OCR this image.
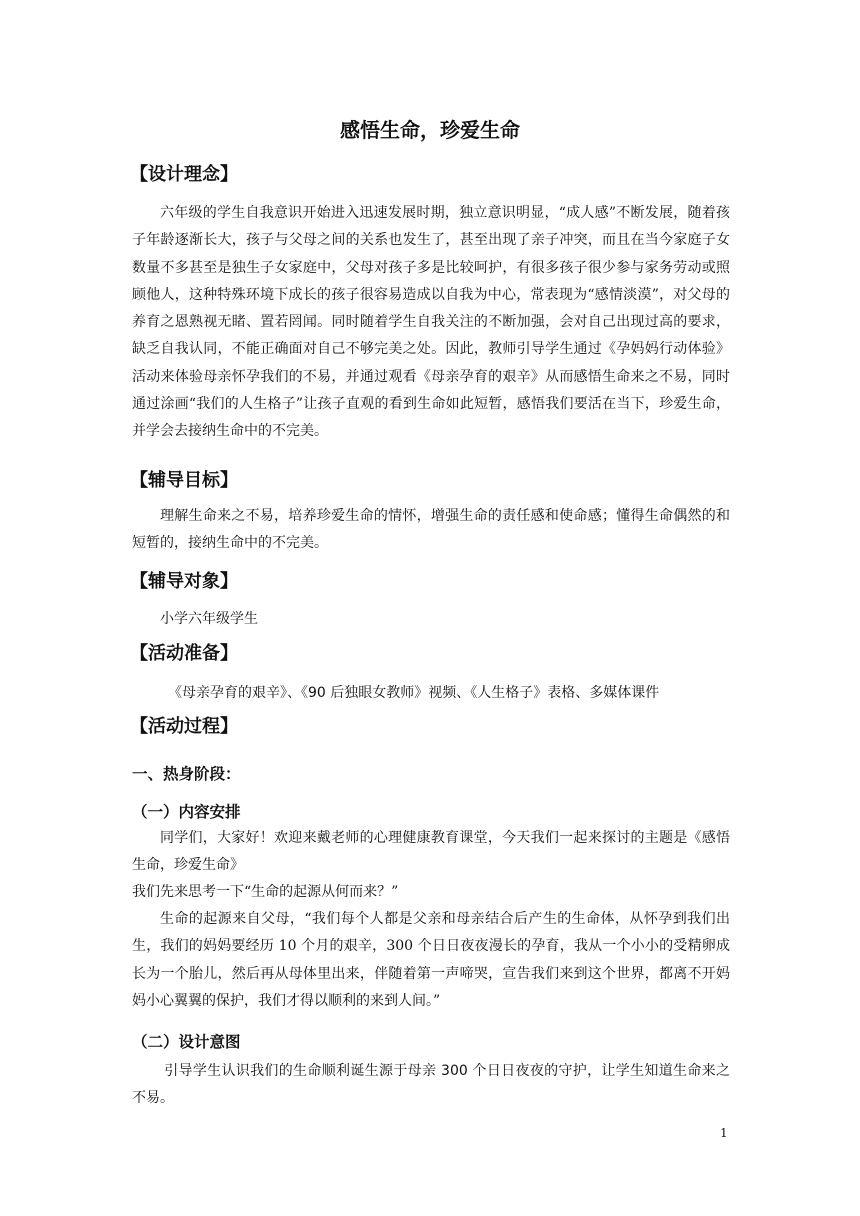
感悟生命，珍爱生命
【设计理念】
六年级的学生自我意识开始进入迅速发展时期，独立意识明显，“成人感”不断发展，随着孩子年龄逐渐长大，孩子与父母之间的关系也发生了，甚至出现了亲子冲突，而且在当今家庭子女数量不多甚至是独生子女家庭中，父母对孩子多是比较呵护，有很多孩子很少参与家务劳动或照顾他人，这种特殊环境下成长的孩子很容易造成以自我为中心，常表现为“感情淡漠”，对父母的养育之恩熟视无睹、置若罔闻。同时随着学生自我关注的不断加强，会对自己出现过高的要求，缺乏自我认同，不能正确面对自己不够完美之处。因此，教师引导学生通过《孕妈妈行动体验》活动来体验母亲怀孕我们的不易，并通过观看《母亲孕育的艰辛》从而感悟生命来之不易，同时通过涂画“我们的人生格子”让孩子直观的看到生命如此短暂，感悟我们要活在当下，珍爱生命，并学会去接纳生命中的不完美。
【辅导目标】
理解生命来之不易，培养珍爱生命的情怀，增强生命的责任感和使命感；懂得生命偶然的和短暂的，接纳生命中的不完美。
【辅导对象】
小学六年级学生
【活动准备】
《母亲孕育的艰辛》、《90 后独眼女教师》视频、《人生格子》表格、多媒体课件
【活动过程】
一、热身阶段：
（一）内容安排
同学们，大家好！欢迎来戴老师的心理健康教育课堂，今天我们一起来探讨的主题是《感悟生命，珍爱生命》
我们先来思考一下“生命的起源从何而来？”
生命的起源来自父母，“我们每个人都是父亲和母亲结合后产生的生命体，从怀孕到我们出生，我们的妈妈要经历 10 个月的艰辛，300 个日日夜夜漫长的孕育，我从一个小小的受精卵成长为一个胎儿，然后再从母体里出来，伴随着第一声啼哭，宣告我们来到这个世界，都离不开妈妈小心翼翼的保护，我们才得以顺利的来到人间。”
（二）设计意图
引导学生认识我们的生命顺利诞生源于母亲 300 个日日夜夜的守护，让学生知道生命来之不易。
1
